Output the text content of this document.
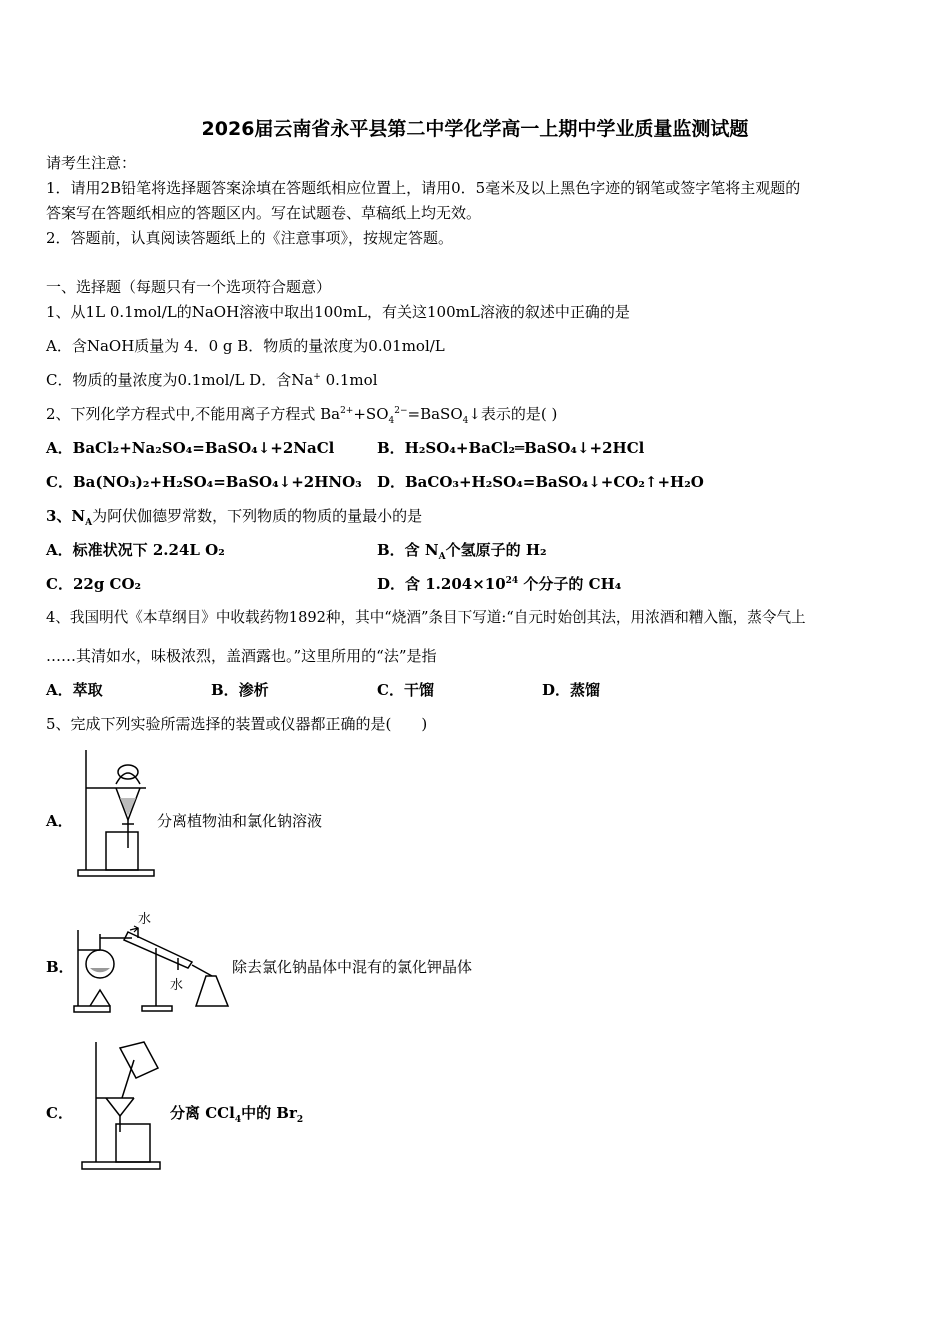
2026届云南省永平县第二中学化学高一上期中学业质量监测试题
请考生注意：
1．请用2B铅笔将选择题答案涂填在答题纸相应位置上，请用0．5毫米及以上黑色字迹的钢笔或签字笔将主观题的
答案写在答题纸相应的答题区内。写在试题卷、草稿纸上均无效。
2．答题前，认真阅读答题纸上的《注意事项》，按规定答题。
一、选择题（每题只有一个选项符合题意）
1、从1L 0.1mol/L的NaOH溶液中取出100mL，有关这100mL溶液的叙述中正确的是
A．含NaOH质量为 4．0 g B．物质的量浓度为0.01mol/L
C．物质的量浓度为0.1mol/L D．含Na+ 0.1mol
2、下列化学方程式中,不能用离子方程式 $Ba^{2+}+SO_4^{2-}=BaSO_4↓$表示的是( )
A．BaCl₂+Na₂SO₄=BaSO₄↓+2NaCl	B．H₂SO₄+BaCl₂═BaSO₄↓+2HCl
C．Ba(NO₃)₂+H₂SO₄=BaSO₄↓+2HNO₃ D．BaCO₃+H₂SO₄=BaSO₄↓+CO₂↑+H₂O
3、$N_A$为阿伏伽德罗常数，下列物质的物质的量最小的是
A．标准状况下 2.24L O₂	B．含 $N_A$个氢原子的 H₂
C．22g CO₂	D．含 $1.204\times 10^{24}$ 个分子的 CH₄
4、我国明代《本草纲目》中收载药物1892种，其中“烧酒”条目下写道:“自元时始创其法，用浓酒和糟入甑，蒸令气上
……其清如水，味极浓烈，盖酒露也。”这里所用的“法”是指
A．萃取	B．渗析	C．干馏	D．蒸馏
5、完成下列实验所需选择的装置或仪器都正确的是(　　)
A．	分离植物油和氯化钠溶液
水
水
B．	除去氯化钠晶体中混有的氯化钾晶体
C．	分离 CCl$_4$中的 $Br_2$
